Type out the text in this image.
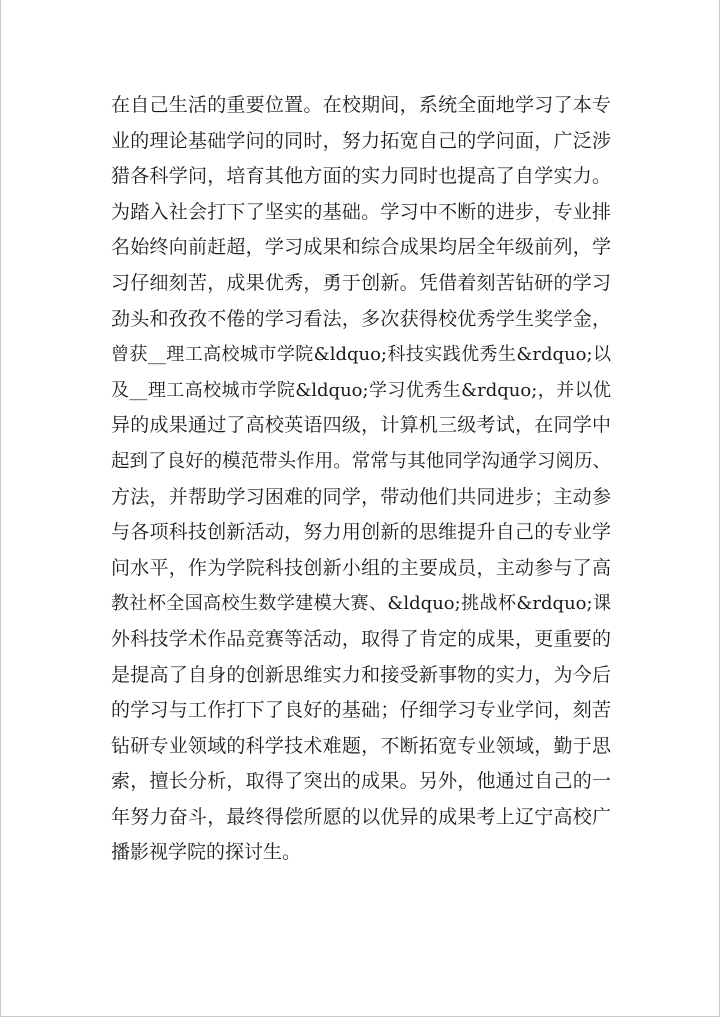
在自己生活的重要位置。在校期间，系统全面地学习了本专
业的理论基础学问的同时，努力拓宽自己的学问面，广泛涉
猎各科学问，培育其他方面的实力同时也提高了自学实力。
为踏入社会打下了坚实的基础。学习中不断的进步，专业排
名始终向前赶超，学习成果和综合成果均居全年级前列，学
习仔细刻苦，成果优秀，勇于创新。凭借着刻苦钻研的学习
劲头和孜孜不倦的学习看法，多次获得校优秀学生奖学金，
曾获__理工高校城市学院&ldquo;科技实践优秀生&rdquo;以
及__理工高校城市学院&ldquo;学习优秀生&rdquo;，并以优
异的成果通过了高校英语四级，计算机三级考试，在同学中
起到了良好的模范带头作用。常常与其他同学沟通学习阅历、
方法，并帮助学习困难的同学，带动他们共同进步；主动参
与各项科技创新活动，努力用创新的思维提升自己的专业学
问水平，作为学院科技创新小组的主要成员，主动参与了高
教社杯全国高校生数学建模大赛、&ldquo;挑战杯&rdquo;课
外科技学术作品竞赛等活动，取得了肯定的成果，更重要的
是提高了自身的创新思维实力和接受新事物的实力，为今后
的学习与工作打下了良好的基础；仔细学习专业学问，刻苦
钻研专业领域的科学技术难题，不断拓宽专业领域，勤于思
索，擅长分析，取得了突出的成果。另外，他通过自己的一
年努力奋斗，最终得偿所愿的以优异的成果考上辽宁高校广
播影视学院的探讨生。
